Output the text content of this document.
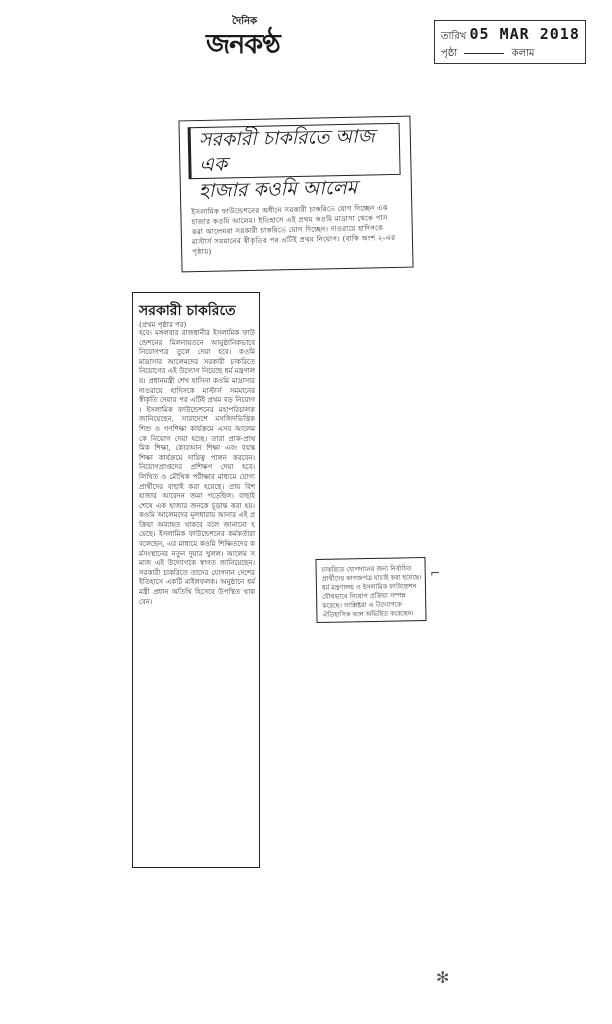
দৈনিক
জনকণ্ঠ	তারিখ 05 MAR 2018
পৃষ্ঠা	কলাম
সরকারী চাকরিতে আজ এক
হাজার কওমি আলেম
ইসলামিক ফাউন্ডেশনের অধীনে সরকারী চাকরিতে যোগ দিচ্ছেন এক হাজার কওমি আলেম। ইতিহাসে এই প্রথম কওমি মাদ্রাসা থেকে পাস করা আলেমরা সরকারী চাকরিতে যোগ দিচ্ছেন। দাওরায়ে হাদিসকে মাস্টার্স সমমানের স্বীকৃতির পর এটিই প্রথম নিয়োগ। (বাকি অংশ ২-এর পৃষ্ঠায়)
সরকারী চাকরিতে
(প্রথম পৃষ্ঠার পর)
হবে। মঙ্গলবার রাজধানীর ইসলামিক ফাউন্ডেশনের মিলনায়তনে আনুষ্ঠানিকভাবে নিয়োগপত্র তুলে দেয়া হবে। কওমি মাদ্রাসার আলেমদের সরকারী চাকরিতে নিয়োগের এই উদ্যোগ নিয়েছে ধর্ম মন্ত্রণালয়। প্রধানমন্ত্রী শেখ হাসিনা কওমি মাদ্রাসার দাওরায়ে হাদিসকে মাস্টার্স সমমানের স্বীকৃতি দেয়ার পর এটিই প্রথম বড় নিয়োগ। ইসলামিক ফাউন্ডেশনের মহাপরিচালক জানিয়েছেন, সারাদেশে মসজিদভিত্তিক শিশু ও গণশিক্ষা কার্যক্রমে এসব আলেমকে নিয়োগ দেয়া হচ্ছে। তারা প্রাক-প্রাথমিক শিক্ষা, কোরআন শিক্ষা এবং বয়স্ক শিক্ষা কার্যক্রমে দায়িত্ব পালন করবেন। নিয়োগপ্রাপ্তদের প্রশিক্ষণ দেয়া হবে। লিখিত ও মৌখিক পরীক্ষার মাধ্যমে যোগ্য প্রার্থীদের বাছাই করা হয়েছে। প্রায় বিশ হাজার আবেদন জমা পড়েছিল। বাছাই শেষে এক হাজার জনকে চূড়ান্ত করা হয়। কওমি আলেমদের মূলধারায় আনার এই প্রক্রিয়া অব্যাহত থাকবে বলে জানানো হয়েছে। ইসলামিক ফাউন্ডেশনের কর্মকর্তারা বলেছেন, এর মাধ্যমে কওমি শিক্ষিতদের কর্মসংস্থানের নতুন দুয়ার খুলল। আলেম সমাজ এই উদ্যোগকে স্বাগত জানিয়েছেন। সরকারী চাকরিতে তাদের যোগদান দেশের ইতিহাসে একটি মাইলফলক। অনুষ্ঠানে ধর্মমন্ত্রী প্রধান অতিথি হিসেবে উপস্থিত থাকবেন।
চাকরিতে যোগদানের জন্য নির্বাচিত প্রার্থীদের কাগজপত্র যাচাই করা হয়েছে। ধর্ম মন্ত্রণালয় ও ইসলামিক ফাউন্ডেশন যৌথভাবে নিয়োগ প্রক্রিয়া সম্পন্ন করেছে। সংশ্লিষ্টরা এ উদ্যোগকে ঐতিহাসিক বলে অভিহিত করেছেন।
⌐
✻
